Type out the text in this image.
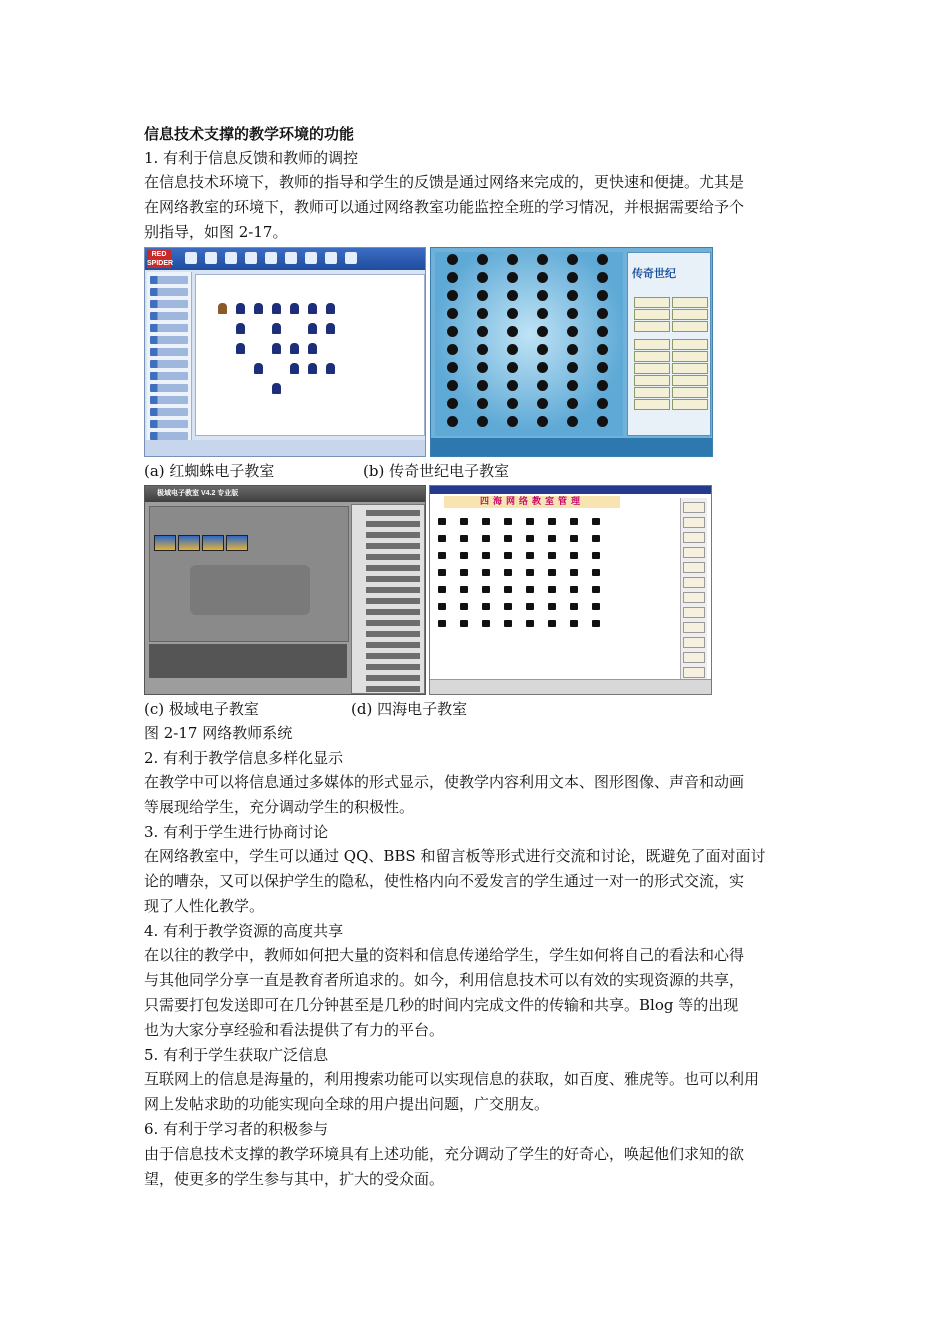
信息技术支撑的教学环境的功能
1. 有利于信息反馈和教师的调控
在信息技术环境下，教师的指导和学生的反馈是通过网络来完成的，更快速和便捷。尤其是
在网络教室的环境下，教师可以通过网络教室功能监控全班的学习情况，并根据需要给予个
别指导，如图 2-17。
RED SPIDER
传奇世纪
(a) 红蜘蛛电子教室	(b) 传奇世纪电子教室
极域电子教室 V4.2 专业版
四海网络教室管理
(c) 极域电子教室	(d) 四海电子教室
图 2-17 网络教师系统
2. 有利于教学信息多样化显示
在教学中可以将信息通过多媒体的形式显示，使教学内容利用文本、图形图像、声音和动画
等展现给学生，充分调动学生的积极性。
3. 有利于学生进行协商讨论
在网络教室中，学生可以通过 QQ、BBS 和留言板等形式进行交流和讨论，既避免了面对面讨
论的嘈杂，又可以保护学生的隐私，使性格内向不爱发言的学生通过一对一的形式交流，实
现了人性化教学。
4. 有利于教学资源的高度共享
在以往的教学中，教师如何把大量的资料和信息传递给学生，学生如何将自己的看法和心得
与其他同学分享一直是教育者所追求的。如今，利用信息技术可以有效的实现资源的共享，
只需要打包发送即可在几分钟甚至是几秒的时间内完成文件的传输和共享。Blog 等的出现
也为大家分享经验和看法提供了有力的平台。
5. 有利于学生获取广泛信息
互联网上的信息是海量的，利用搜索功能可以实现信息的获取，如百度、雅虎等。也可以利用
网上发帖求助的功能实现向全球的用户提出问题，广交朋友。
6. 有利于学习者的积极参与
由于信息技术支撑的教学环境具有上述功能，充分调动了学生的好奇心，唤起他们求知的欲
望，使更多的学生参与其中，扩大的受众面。
